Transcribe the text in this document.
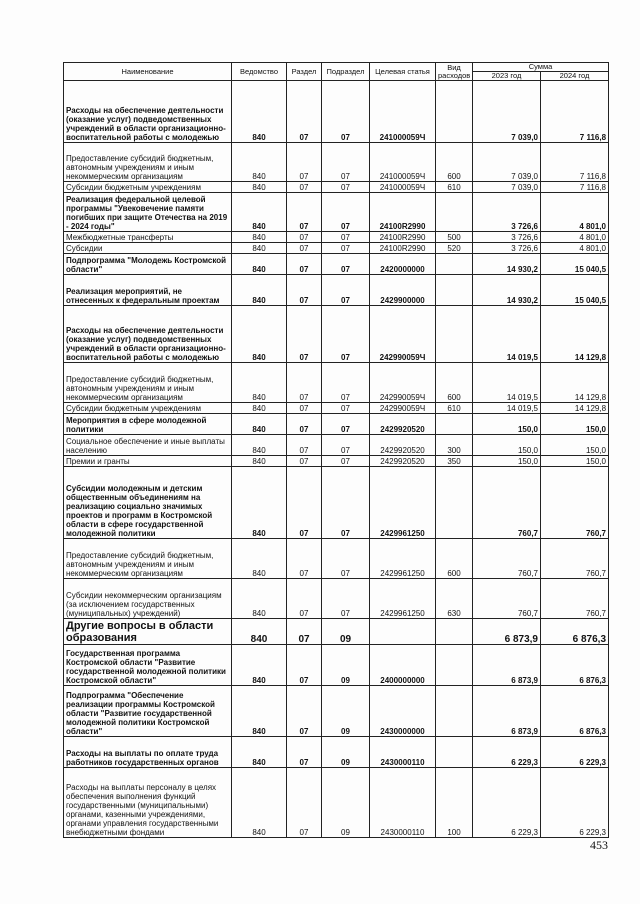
Наименование	Ведомство	Раздел	Подраздел	Целевая статья	Вид расходов	Сумма	
						2023 год	2024 год
Расходы на обеспечение деятельности (оказание услуг) подведомственных учреждений в области организационно-воспитательной работы с молодежью	840	07	07	241000059Ч		7 039,0	7 116,8
Предоставление субсидий бюджетным, автономным учреждениям и иным некоммерческим организациям	840	07	07	241000059Ч	600	7 039,0	7 116,8
Субсидии бюджетным учреждениям	840	07	07	241000059Ч	610	7 039,0	7 116,8
Реализация федеральной целевой программы "Увековечение памяти погибших при защите Отечества на 2019 - 2024 годы"	840	07	07	24100R2990		3 726,6	4 801,0
Межбюджетные трансферты	840	07	07	24100R2990	500	3 726,6	4 801,0
Субсидии	840	07	07	24100R2990	520	3 726,6	4 801,0
Подпрограмма "Молодежь Костромской области"	840	07	07	2420000000		14 930,2	15 040,5
Реализация мероприятий, не отнесенных к федеральным проектам	840	07	07	2429900000		14 930,2	15 040,5
Расходы на обеспечение деятельности (оказание услуг) подведомственных учреждений в области организационно-воспитательной работы с молодежью	840	07	07	242990059Ч		14 019,5	14 129,8
Предоставление субсидий бюджетным, автономным учреждениям и иным некоммерческим организациям	840	07	07	242990059Ч	600	14 019,5	14 129,8
Субсидии бюджетным учреждениям	840	07	07	242990059Ч	610	14 019,5	14 129,8
Мероприятия в сфере молодежной политики	840	07	07	2429920520		150,0	150,0
Социальное обеспечение и иные выплаты населению	840	07	07	2429920520	300	150,0	150,0
Премии и гранты	840	07	07	2429920520	350	150,0	150,0
Субсидии молодежным и детским общественным объединениям на реализацию социально значимых проектов и программ в Костромской области в сфере государственной молодежной политики	840	07	07	2429961250		760,7	760,7
Предоставление субсидий бюджетным, автономным учреждениям и иным некоммерческим организациям	840	07	07	2429961250	600	760,7	760,7
Субсидии некоммерческим организациям (за исключением государственных (муниципальных) учреждений)	840	07	07	2429961250	630	760,7	760,7
Другие вопросы в области образования	840	07	09			6 873,9	6 876,3
Государственная программа Костромской области "Развитие государственной молодежной политики Костромской области"	840	07	09	2400000000		6 873,9	6 876,3
Подпрограмма "Обеспечение реализации программы Костромской области "Развитие государственной молодежной политики Костромской области"	840	07	09	2430000000		6 873,9	6 876,3
Расходы на выплаты по оплате труда работников государственных органов	840	07	09	2430000110		6 229,3	6 229,3
Расходы на выплаты персоналу в целях обеспечения выполнения функций государственными (муниципальными) органами, казенными учреждениями, органами управления государственными внебюджетными фондами	840	07	09	2430000110	100	6 229,3	6 229,3
453
